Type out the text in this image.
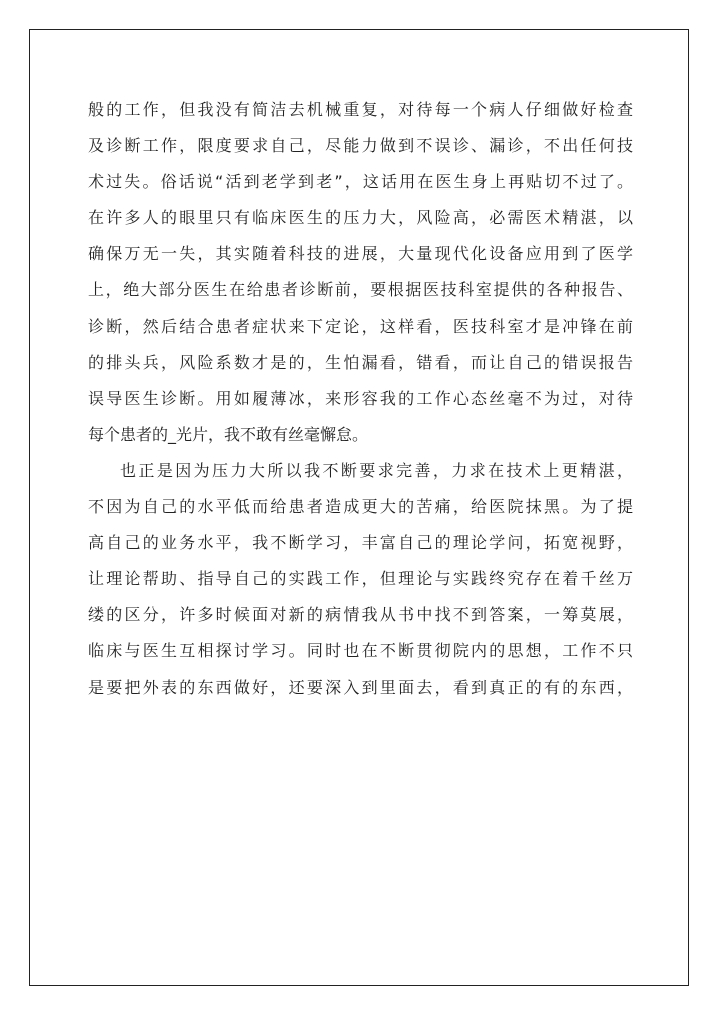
般的工作，但我没有简洁去机械重复，对待每一个病人仔细做好检查
及诊断工作，限度要求自己，尽能力做到不误诊、漏诊，不出任何技
术过失。俗话说“活到老学到老”，这话用在医生身上再贴切不过了。
在许多人的眼里只有临床医生的压力大，风险高，必需医术精湛，以
确保万无一失，其实随着科技的进展，大量现代化设备应用到了医学
上，绝大部分医生在给患者诊断前，要根据医技科室提供的各种报告、
诊断，然后结合患者症状来下定论，这样看，医技科室才是冲锋在前
的排头兵，风险系数才是的，生怕漏看，错看，而让自己的错误报告
误导医生诊断。用如履薄冰，来形容我的工作心态丝毫不为过，对待
每个患者的_光片，我不敢有丝毫懈怠。
也正是因为压力大所以我不断要求完善，力求在技术上更精湛，
不因为自己的水平低而给患者造成更大的苦痛，给医院抹黑。为了提
高自己的业务水平，我不断学习，丰富自己的理论学问，拓宽视野，
让理论帮助、指导自己的实践工作，但理论与实践终究存在着千丝万
缕的区分，许多时候面对新的病情我从书中找不到答案，一筹莫展，
临床与医生互相探讨学习。同时也在不断贯彻院内的思想，工作不只
是要把外表的东西做好，还要深入到里面去，看到真正的有的东西，
